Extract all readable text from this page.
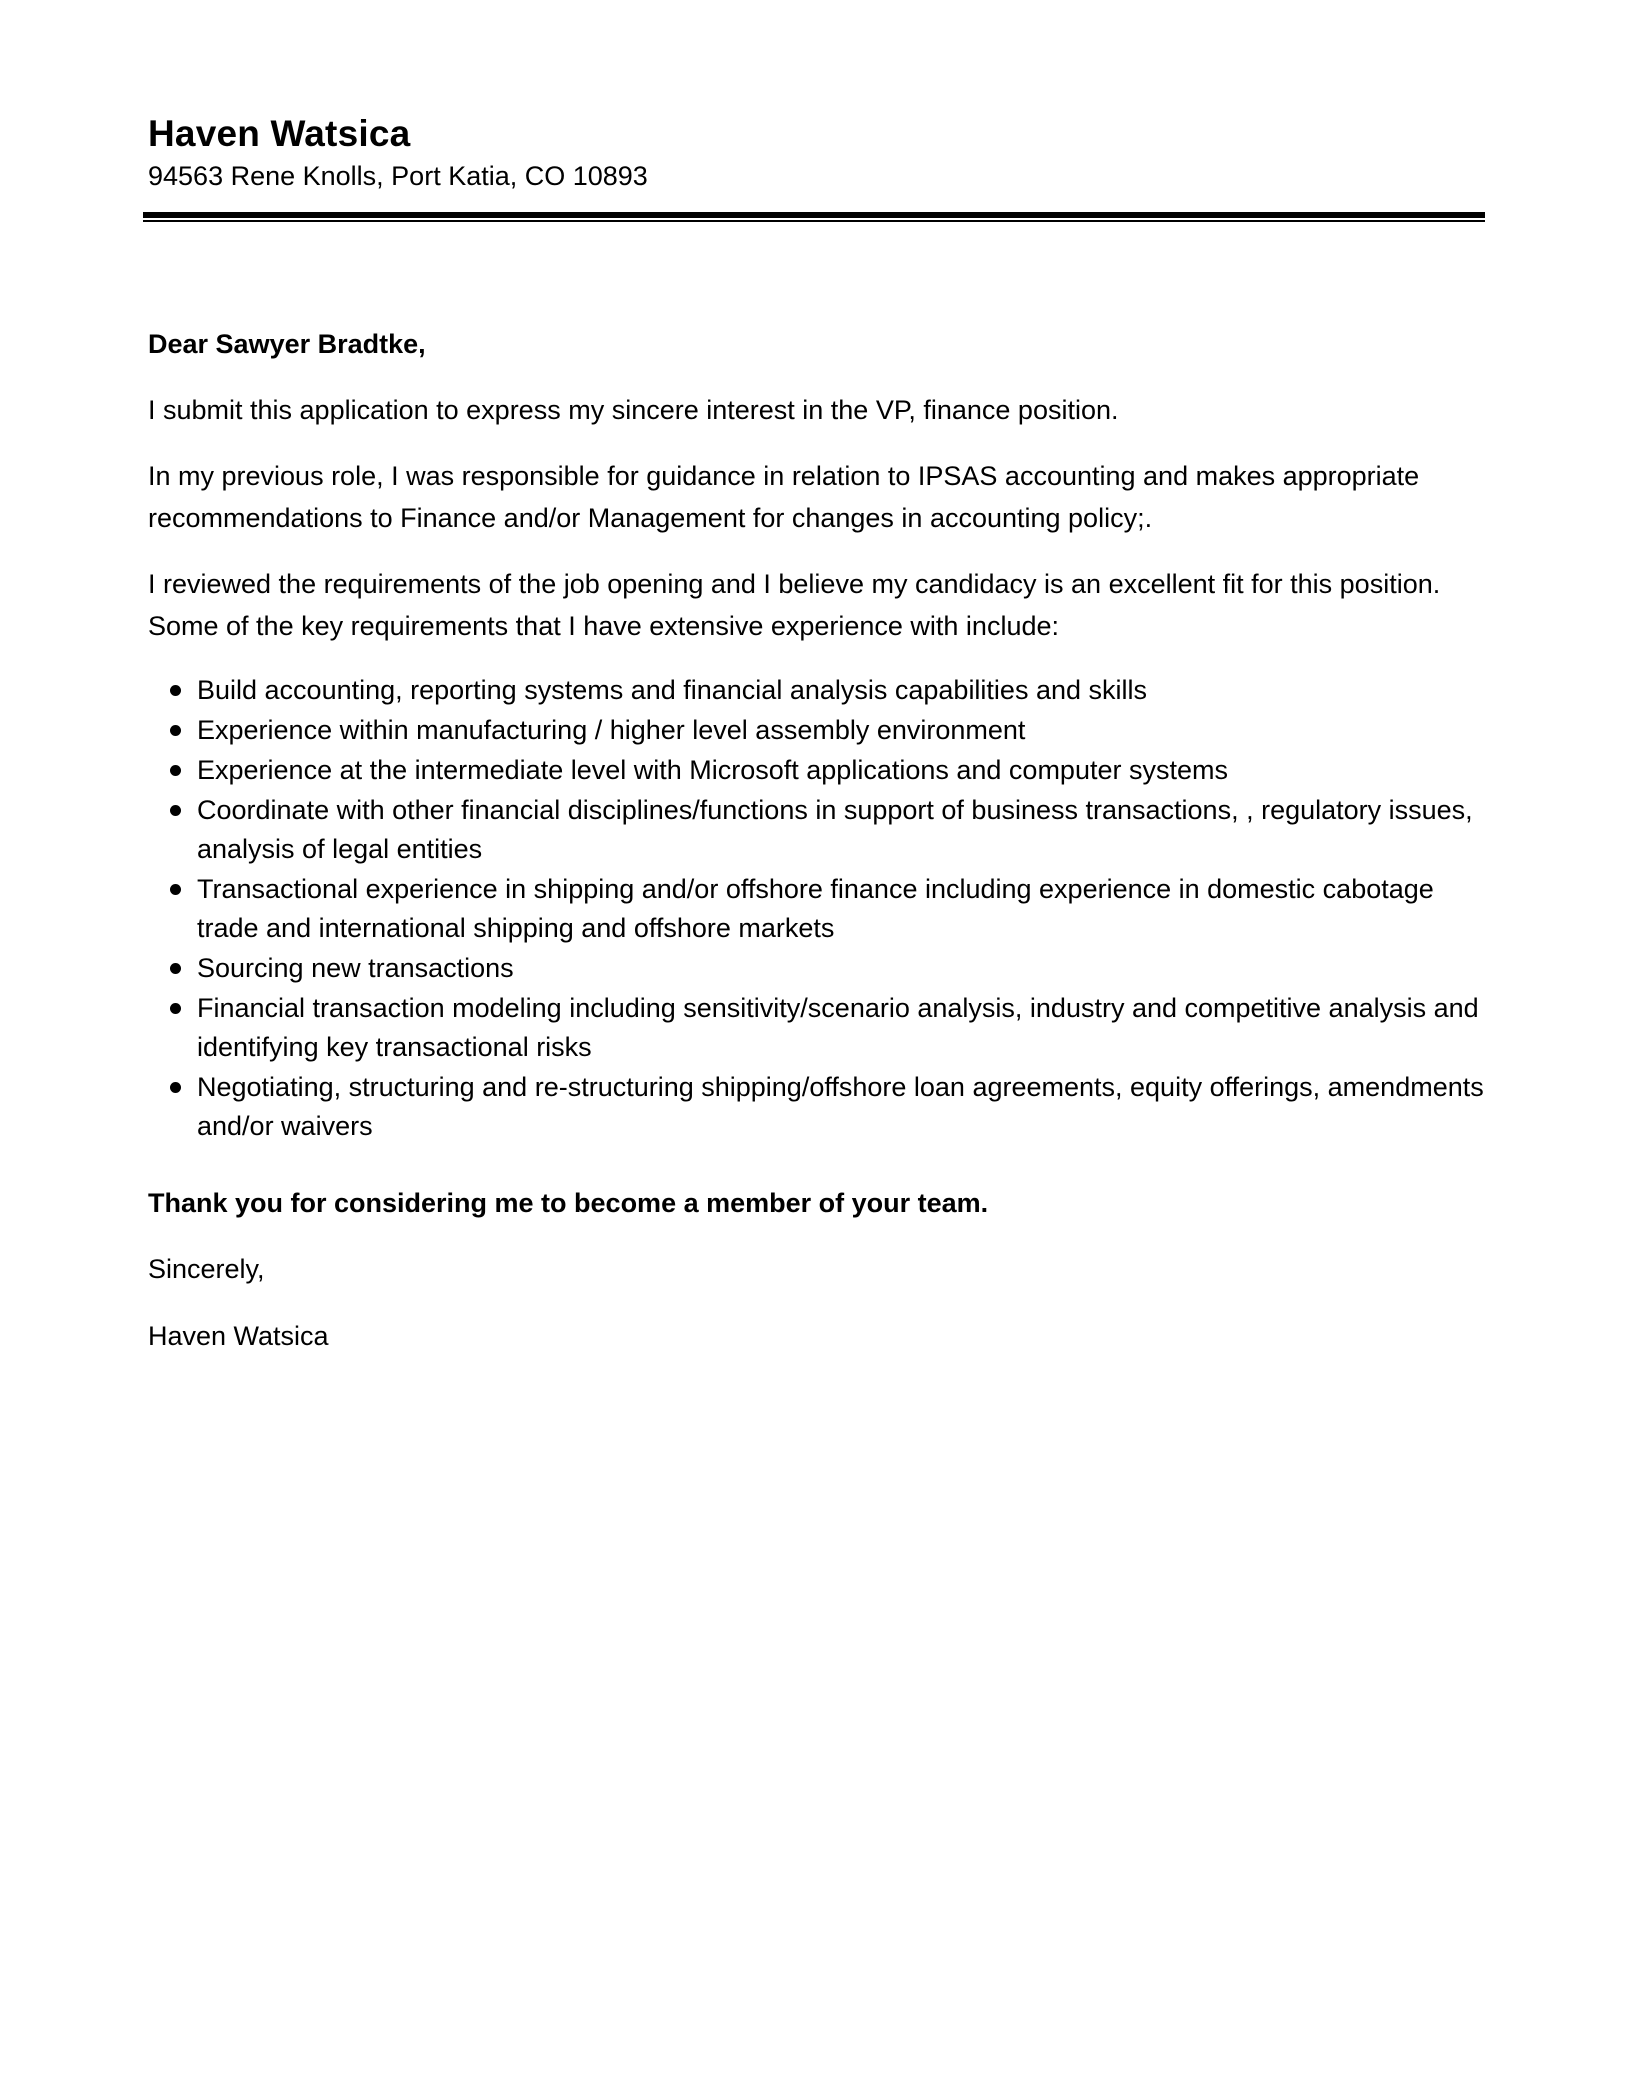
Haven Watsica

94563 Rene Knolls, Port Katia, CO 10893

Dear Sawyer Bradtke,

I submit this application to express my sincere interest in the VP, finance position.

In my previous role, I was responsible for guidance in relation to IPSAS accounting and makes appropriate recommendations to Finance and/or Management for changes in accounting policy;.

I reviewed the requirements of the job opening and I believe my candidacy is an excellent fit for this position. Some of the key requirements that I have extensive experience with include:

Build accounting, reporting systems and financial analysis capabilities and skills
Experience within manufacturing / higher level assembly environment
Experience at the intermediate level with Microsoft applications and computer systems
Coordinate with other financial disciplines/functions in support of business transactions, , regulatory issues, analysis of legal entities
Transactional experience in shipping and/or offshore finance including experience in domestic cabotage trade and international shipping and offshore markets
Sourcing new transactions
Financial transaction modeling including sensitivity/scenario analysis, industry and competitive analysis and identifying key transactional risks
Negotiating, structuring and re-structuring shipping/offshore loan agreements, equity offerings, amendments and/or waivers

Thank you for considering me to become a member of your team.

Sincerely,

Haven Watsica
